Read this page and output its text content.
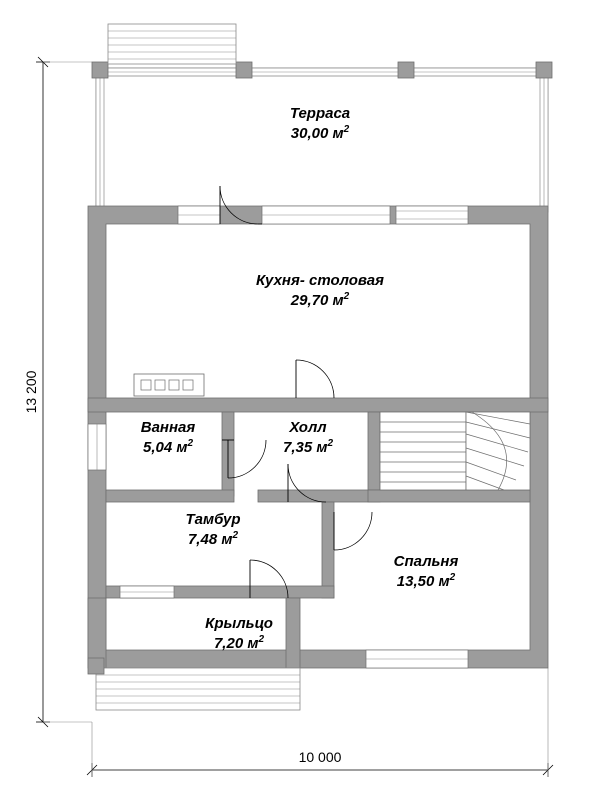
Терраса
30,00 $м^2$
Кухня- столовая
29,70 $м^2$
Ванная
5,04 $м^2$
Холл
7,35 $м^2$
Тамбур
7,48 $м^2$
Спальня
13,50 $м^2$
Крыльцо
7,20 $м^2$
13 200
10 000
